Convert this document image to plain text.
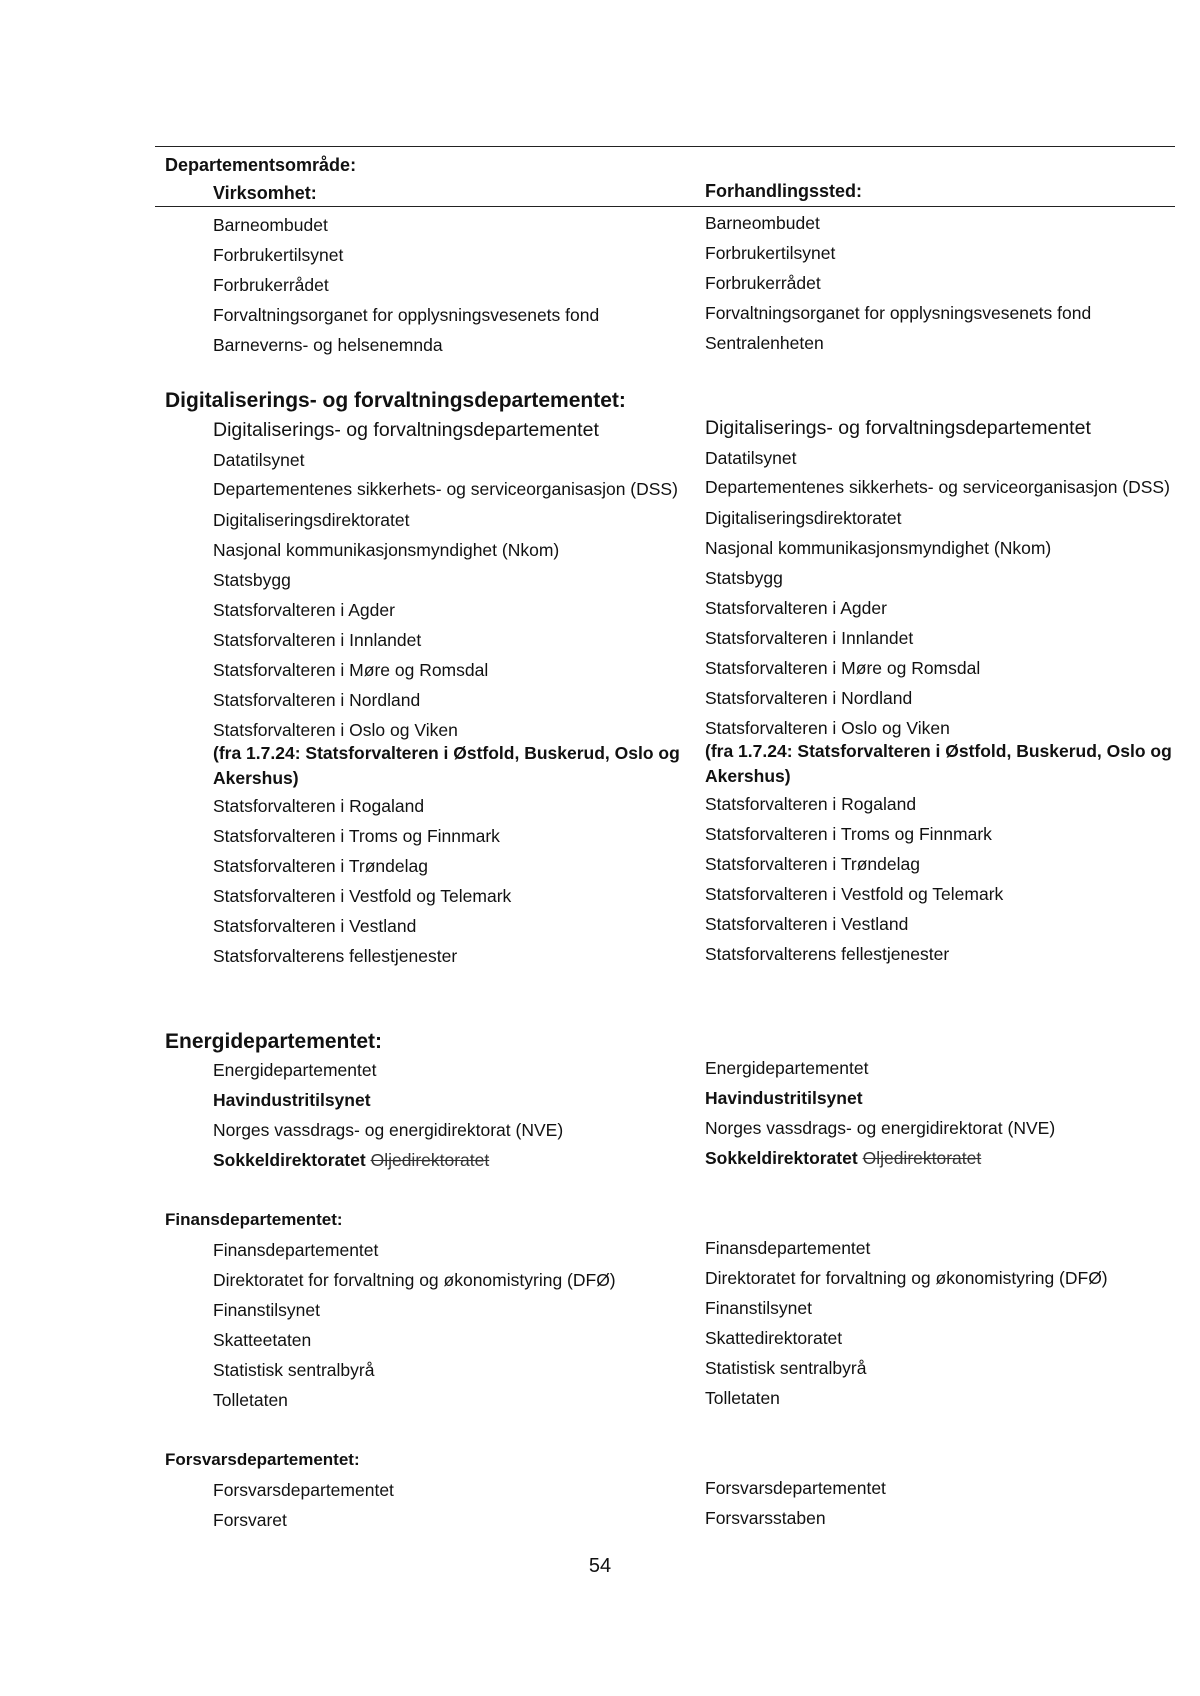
Departementsområde:
Virksomhet:	Forhandlingssted:
Barneombudet
Forbrukertilsynet
Forbrukerrådet
Forvaltningsorganet for opplysningsvesenets fond
Barneverns- og helsenemnda
Barneombudet
Forbrukertilsynet
Forbrukerrådet
Forvaltningsorganet for opplysningsvesenets fond
Sentralenheten
Digitaliserings- og forvaltningsdepartementet:
Digitaliserings- og forvaltningsdepartementet
Datatilsynet
Departementenes sikkerhets- og serviceorganisasjon (DSS)
Digitaliseringsdirektoratet
Nasjonal kommunikasjonsmyndighet (Nkom)
Statsbygg
Statsforvalteren i Agder
Statsforvalteren i Innlandet
Statsforvalteren i Møre og Romsdal
Statsforvalteren i Nordland
Statsforvalteren i Oslo og Viken
(fra 1.7.24: Statsforvalteren i Østfold, Buskerud, Oslo og Akershus)
Statsforvalteren i Rogaland
Statsforvalteren i Troms og Finnmark
Statsforvalteren i Trøndelag
Statsforvalteren i Vestfold og Telemark
Statsforvalteren i Vestland
Statsforvalterens fellestjenester
Digitaliserings- og forvaltningsdepartementet
Datatilsynet
Departementenes sikkerhets- og serviceorganisasjon (DSS)
Digitaliseringsdirektoratet
Nasjonal kommunikasjonsmyndighet (Nkom)
Statsbygg
Statsforvalteren i Agder
Statsforvalteren i Innlandet
Statsforvalteren i Møre og Romsdal
Statsforvalteren i Nordland
Statsforvalteren i Oslo og Viken
(fra 1.7.24: Statsforvalteren i Østfold, Buskerud, Oslo og Akershus)
Statsforvalteren i Rogaland
Statsforvalteren i Troms og Finnmark
Statsforvalteren i Trøndelag
Statsforvalteren i Vestfold og Telemark
Statsforvalteren i Vestland
Statsforvalterens fellestjenester
Energidepartementet:
Energidepartementet
Havindustritilsynet
Norges vassdrags- og energidirektorat (NVE)
Sokkeldirektoratet Oljedirektoratet
Energidepartementet
Havindustritilsynet
Norges vassdrags- og energidirektorat (NVE)
Sokkeldirektoratet Oljedirektoratet
Finansdepartementet:
Finansdepartementet
Direktoratet for forvaltning og økonomistyring (DFØ)
Finanstilsynet
Skatteetaten
Statistisk sentralbyrå
Tolletaten
Finansdepartementet
Direktoratet for forvaltning og økonomistyring (DFØ)
Finanstilsynet
Skattedirektoratet
Statistisk sentralbyrå
Tolletaten
Forsvarsdepartementet:
Forsvarsdepartementet
Forsvaret
Forsvarsdepartementet
Forsvarsstaben
54
